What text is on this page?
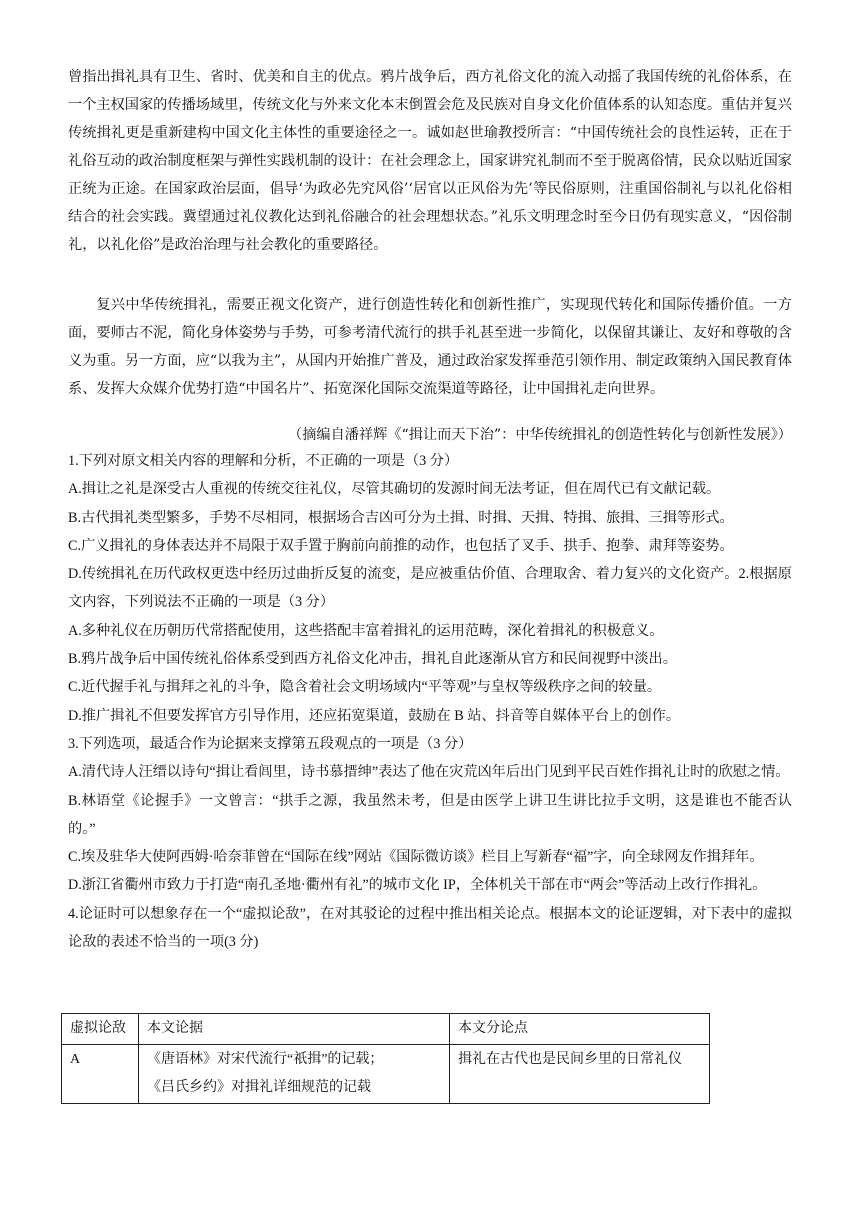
曾指出揖礼具有卫生、省时、优美和自主的优点。鸦片战争后，西方礼俗文化的流入动摇了我国传统的礼俗体系，在一个主权国家的传播场域里，传统文化与外来文化本末倒置会危及民族对自身文化价值体系的认知态度。重估并复兴传统揖礼更是重新建构中国文化主体性的重要途径之一。诚如赵世瑜教授所言：“中国传统社会的良性运转，正在于礼俗互动的政治制度框架与弹性实践机制的设计：在社会理念上，国家讲究礼制而不至于脱离俗情，民众以贴近国家正统为正途。在国家政治层面，倡导‘为政必先究风俗’‘居官以正风俗为先’等民俗原则，注重国俗制礼与以礼化俗相结合的社会实践。冀望通过礼仪教化达到礼俗融合的社会理想状态。”礼乐文明理念时至今日仍有现实意义，“因俗制礼，以礼化俗”是政治治理与社会教化的重要路径。

复兴中华传统揖礼，需要正视文化资产，进行创造性转化和创新性推广，实现现代转化和国际传播价值。一方面，要师古不泥，简化身体姿势与手势，可参考清代流行的拱手礼甚至进一步简化，以保留其谦让、友好和尊敬的含义为重。另一方面，应“以我为主”，从国内开始推广普及，通过政治家发挥垂范引领作用、制定政策纳入国民教育体系、发挥大众媒介优势打造“中国名片”、拓宽深化国际交流渠道等路径，让中国揖礼走向世界。

（摘编自潘祥辉《“揖让而天下治”：中华传统揖礼的创造性转化与创新性发展》）

1.下列对原文相关内容的理解和分析，不正确的一项是（3 分）

A.揖让之礼是深受古人重视的传统交往礼仪，尽管其确切的发源时间无法考证，但在周代已有文献记载。

B.古代揖礼类型繁多，手势不尽相同，根据场合吉凶可分为土揖、时揖、天揖、特揖、旅揖、三揖等形式。

C.广义揖礼的身体表达并不局限于双手置于胸前向前推的动作，也包括了叉手、拱手、抱拳、肃拜等姿势。

D.传统揖礼在历代政权更迭中经历过曲折反复的流变，是应被重估价值、合理取舍、着力复兴的文化资产。2.根据原文内容，下列说法不正确的一项是（3 分）

A.多种礼仪在历朝历代常搭配使用，这些搭配丰富着揖礼的运用范畴，深化着揖礼的积极意义。

B.鸦片战争后中国传统礼俗体系受到西方礼俗文化冲击，揖礼自此逐渐从官方和民间视野中淡出。

C.近代握手礼与揖拜之礼的斗争，隐含着社会文明场域内“平等观”与皇权等级秩序之间的较量。

D.推广揖礼不但要发挥官方引导作用，还应拓宽渠道，鼓励在 B 站、抖音等自媒体平台上的创作。

3.下列选项，最适合作为论据来支撑第五段观点的一项是（3 分）

A.清代诗人汪缙以诗句“揖让看闾里，诗书慕搢绅”表达了他在灾荒凶年后出门见到平民百姓作揖礼让时的欣慰之情。

B.林语堂《论握手》一文曾言：“拱手之源，我虽然未考，但是由医学上讲卫生讲比拉手文明，这是谁也不能否认的。”

C.埃及驻华大使阿西姆·哈奈菲曾在“国际在线”网站《国际微访谈》栏目上写新春“福”字，向全球网友作揖拜年。

D.浙江省衢州市致力于打造“南孔圣地·衢州有礼”的城市文化 IP，全体机关干部在市“两会”等活动上改行作揖礼。

4.论证时可以想象存在一个“虚拟论敌”，在对其驳论的过程中推出相关论点。根据本文的论证逻辑，对下表中的虚拟论敌的表述不恰当的一项(3 分)

虚拟论敌	本文论据	本文分论点
A	《唐语林》对宋代流行“祇揖”的记载；
《吕氏乡约》对揖礼详细规范的记载	揖礼在古代也是民间乡里的日常礼仪
